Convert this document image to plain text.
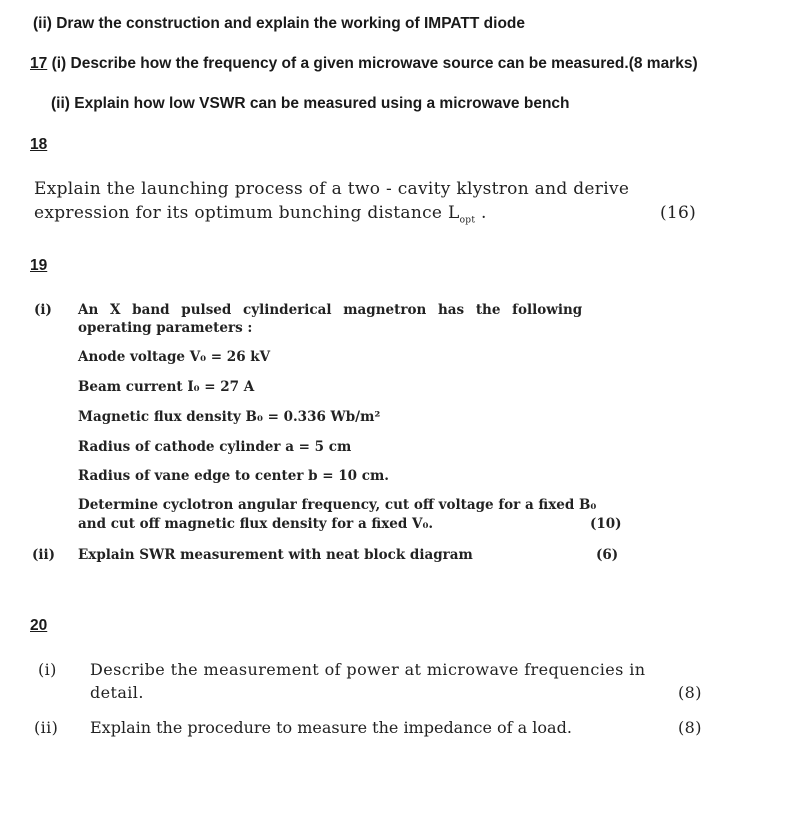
(ii) Draw the construction and explain the working of IMPATT diode
17 (i) Describe how the frequency of a given microwave source can be measured.(8 marks)
(ii) Explain how low VSWR can be measured using a microwave bench
18
Explain the launching process of a two - cavity klystron and derive
expression for its optimum bunching distance $L_{opt}$ .	(16)
19
(i) An X band pulsed cylinderical magnetron has the following
operating parameters :
Anode voltage V₀ = 26 kV
Beam current I₀ = 27 A
Magnetic flux density B₀ = 0.336 Wb/m²
Radius of cathode cylinder a = 5 cm
Radius of vane edge to center b = 10 cm.
Determine cyclotron angular frequency, cut off voltage for a fixed B₀
and cut off magnetic flux density for a fixed V₀.	(10)
(ii) Explain SWR measurement with neat block diagram	(6)
20
(i) Describe the measurement of power at microwave frequencies in
detail.	(8)
(ii) Explain the procedure to measure the impedance of a load.	(8)
